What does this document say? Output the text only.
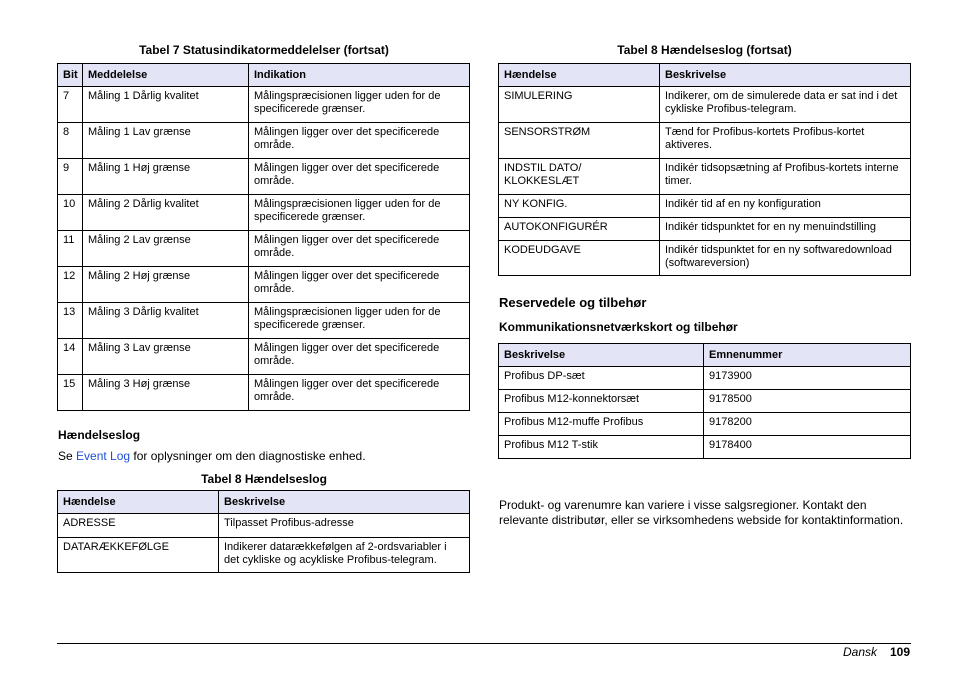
Tabel 7 Statusindikatormeddelelser (fortsat)
Bit	Meddelelse	Indikation
7	Måling 1 Dårlig kvalitet	Målingspræcisionen ligger uden for de specificerede grænser.
8	Måling 1 Lav grænse	Målingen ligger over det specificerede område.
9	Måling 1 Høj grænse	Målingen ligger over det specificerede område.
10	Måling 2 Dårlig kvalitet	Målingspræcisionen ligger uden for de specificerede grænser.
11	Måling 2 Lav grænse	Målingen ligger over det specificerede område.
12	Måling 2 Høj grænse	Målingen ligger over det specificerede område.
13	Måling 3 Dårlig kvalitet	Målingspræcisionen ligger uden for de specificerede grænser.
14	Måling 3 Lav grænse	Målingen ligger over det specificerede område.
15	Måling 3 Høj grænse	Målingen ligger over det specificerede område.
Hændelseslog
Se Event Log for oplysninger om den diagnostiske enhed.
Tabel 8 Hændelseslog
Hændelse	Beskrivelse
ADRESSE	Tilpasset Profibus-adresse
DATARÆKKEFØLGE	Indikerer datarækkefølgen af 2-ordsvariabler i det cykliske og acykliske Profibus-telegram.
Tabel 8 Hændelseslog (fortsat)
Hændelse	Beskrivelse
SIMULERING	Indikerer, om de simulerede data er sat ind i det cykliske Profibus-telegram.
SENSORSTRØM	Tænd for Profibus-kortets Profibus-kortet aktiveres.
INDSTIL DATO/ KLOKKESLÆT	Indikér tidsopsætning af Profibus-kortets interne timer.
NY KONFIG.	Indikér tid af en ny konfiguration
AUTOKONFIGURÉR	Indikér tidspunktet for en ny menuindstilling
KODEUDGAVE	Indikér tidspunktet for en ny softwaredownload (softwareversion)
Reservedele og tilbehør
Kommunikationsnetværkskort og tilbehør
Beskrivelse	Emnenummer
Profibus DP-sæt	9173900
Profibus M12-konnektorsæt	9178500
Profibus M12-muffe Profibus	9178200
Profibus M12 T-stik	9178400
Produkt- og varenumre kan variere i visse salgsregioner. Kontakt den relevante distributør, eller se virksomhedens webside for kontaktinformation.
Dansk 109
